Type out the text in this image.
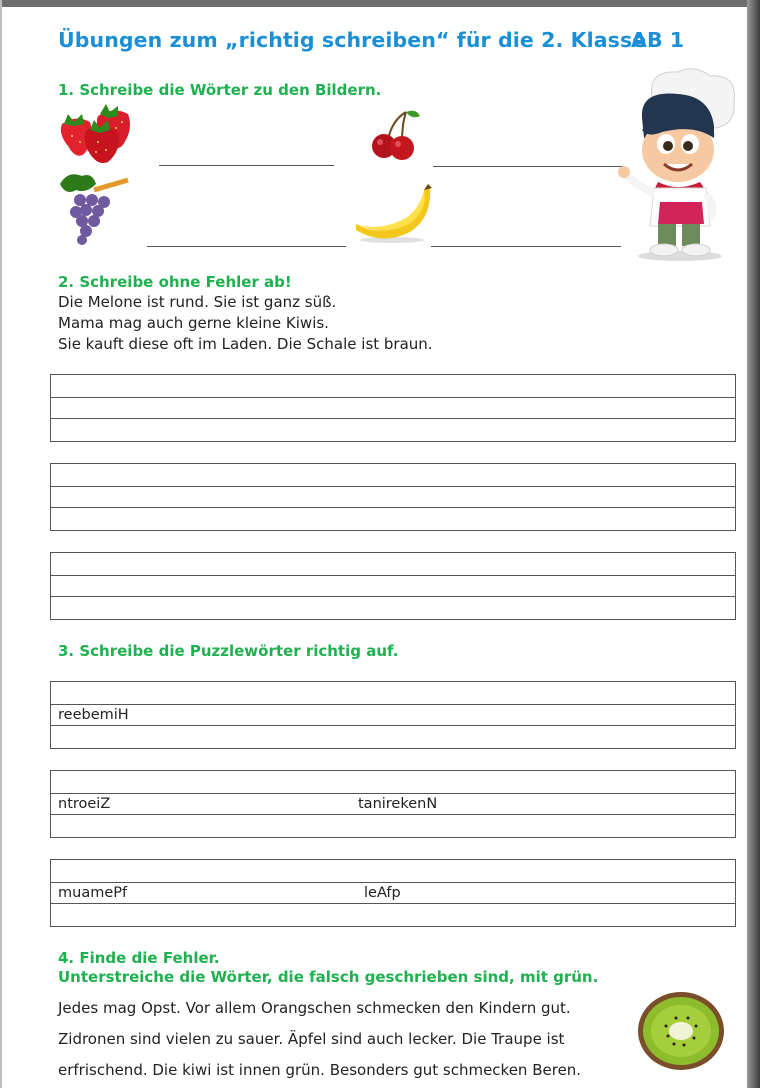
Übungen zum „richtig schreiben“ für die 2. Klasse
AB 1
1. Schreibe die Wörter zu den Bildern.
2. Schreibe ohne Fehler ab!
Die Melone ist rund. Sie ist ganz süß.
Mama mag auch gerne kleine Kiwis.
Sie kauft diese oft im Laden. Die Schale ist braun.
3. Schreibe die Puzzlewörter richtig auf.
reebemiH
ntroeiZ	tanirekenN
muamePf	leAfp
4. Finde die Fehler.
Unterstreiche die Wörter, die falsch geschrieben sind, mit grün.
Jedes mag Opst. Vor allem Orangschen schmecken den Kindern gut.
Zidronen sind vielen zu sauer. Äpfel sind auch lecker. Die Traupe ist
erfrischend. Die kiwi ist innen grün. Besonders gut schmecken Beren.
